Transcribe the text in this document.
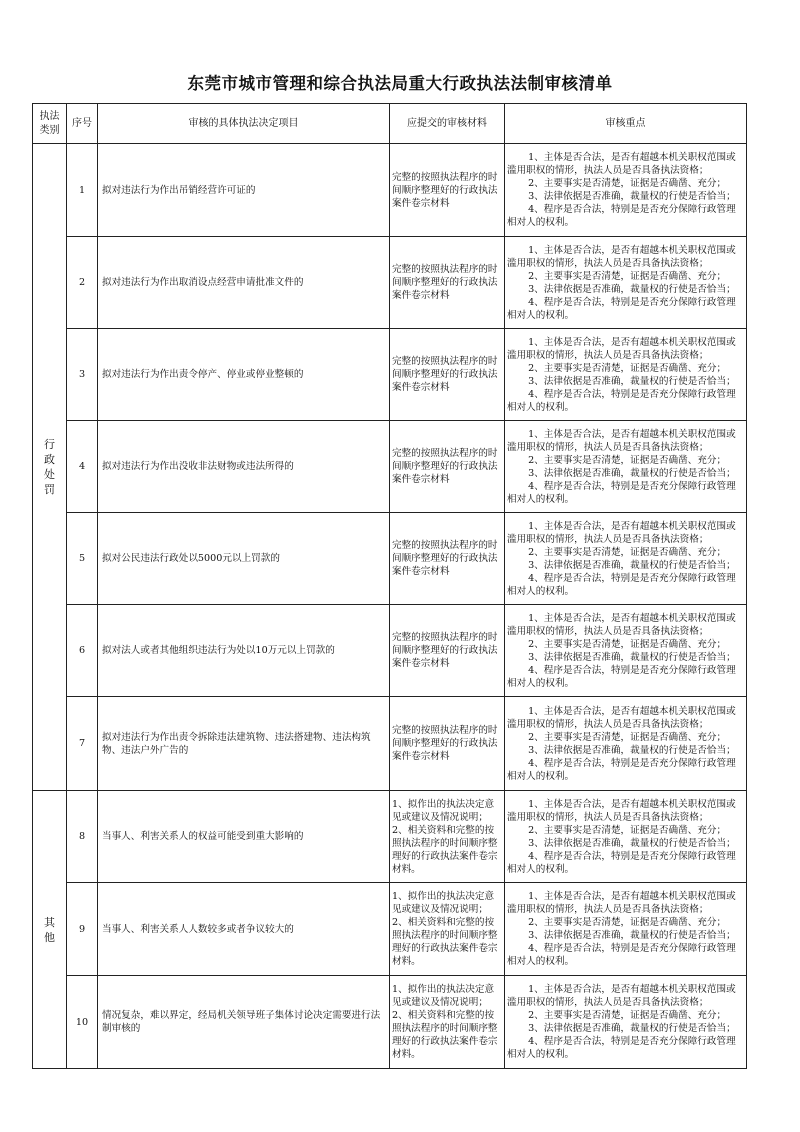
东莞市城市管理和综合执法局重大行政执法法制审核清单
执法类别	序号	审核的具体执法决定项目	应提交的审核材料	审核重点
行政处罚	1	拟对违法行为作出吊销经营许可证的	完整的按照执法程序的时间顺序整理好的行政执法案件卷宗材料	1、主体是否合法，是否有超越本机关职权范围或滥用职权的情形，执法人员是否具备执法资格；
2、主要事实是否清楚，证据是否确凿、充分；
3、法律依据是否准确，裁量权的行使是否恰当；
4、程序是否合法，特别是是否充分保障行政管理相对人的权利。

	2	拟对违法行为作出取消设点经营申请批准文件的	完整的按照执法程序的时间顺序整理好的行政执法案件卷宗材料	1、主体是否合法，是否有超越本机关职权范围或滥用职权的情形，执法人员是否具备执法资格；
2、主要事实是否清楚，证据是否确凿、充分；
3、法律依据是否准确，裁量权的行使是否恰当；
4、程序是否合法，特别是是否充分保障行政管理相对人的权利。

	3	拟对违法行为作出责令停产、停业或停业整顿的	完整的按照执法程序的时间顺序整理好的行政执法案件卷宗材料	1、主体是否合法，是否有超越本机关职权范围或滥用职权的情形，执法人员是否具备执法资格；
2、主要事实是否清楚，证据是否确凿、充分；
3、法律依据是否准确，裁量权的行使是否恰当；
4、程序是否合法，特别是是否充分保障行政管理相对人的权利。

	4	拟对违法行为作出没收非法财物或违法所得的	完整的按照执法程序的时间顺序整理好的行政执法案件卷宗材料	1、主体是否合法，是否有超越本机关职权范围或滥用职权的情形，执法人员是否具备执法资格；
2、主要事实是否清楚，证据是否确凿、充分；
3、法律依据是否准确，裁量权的行使是否恰当；
4、程序是否合法，特别是是否充分保障行政管理相对人的权利。

	5	拟对公民违法行政处以5000元以上罚款的	完整的按照执法程序的时间顺序整理好的行政执法案件卷宗材料	1、主体是否合法，是否有超越本机关职权范围或滥用职权的情形，执法人员是否具备执法资格；
2、主要事实是否清楚，证据是否确凿、充分；
3、法律依据是否准确，裁量权的行使是否恰当；
4、程序是否合法，特别是是否充分保障行政管理相对人的权利。

	6	拟对法人或者其他组织违法行为处以10万元以上罚款的	完整的按照执法程序的时间顺序整理好的行政执法案件卷宗材料	1、主体是否合法，是否有超越本机关职权范围或滥用职权的情形，执法人员是否具备执法资格；
2、主要事实是否清楚，证据是否确凿、充分；
3、法律依据是否准确，裁量权的行使是否恰当；
4、程序是否合法，特别是是否充分保障行政管理相对人的权利。

	7	拟对违法行为作出责令拆除违法建筑物、违法搭建物、违法构筑物、违法户外广告的	完整的按照执法程序的时间顺序整理好的行政执法案件卷宗材料	1、主体是否合法，是否有超越本机关职权范围或滥用职权的情形，执法人员是否具备执法资格；
2、主要事实是否清楚，证据是否确凿、充分；
3、法律依据是否准确，裁量权的行使是否恰当；
4、程序是否合法，特别是是否充分保障行政管理相对人的权利。

其他	8	当事人、利害关系人的权益可能受到重大影响的	1、拟作出的执法决定意见或建议及情况说明；2、相关资料和完整的按照执法程序的时间顺序整理好的行政执法案件卷宗材料。	1、主体是否合法，是否有超越本机关职权范围或滥用职权的情形，执法人员是否具备执法资格；
2、主要事实是否清楚，证据是否确凿、充分；
3、法律依据是否准确，裁量权的行使是否恰当；
4、程序是否合法，特别是是否充分保障行政管理相对人的权利。

	9	当事人、利害关系人人数较多或者争议较大的	1、拟作出的执法决定意见或建议及情况说明；2、相关资料和完整的按照执法程序的时间顺序整理好的行政执法案件卷宗材料。	1、主体是否合法，是否有超越本机关职权范围或滥用职权的情形，执法人员是否具备执法资格；
2、主要事实是否清楚，证据是否确凿、充分；
3、法律依据是否准确，裁量权的行使是否恰当；
4、程序是否合法，特别是是否充分保障行政管理相对人的权利。

	10	情况复杂，难以界定，经局机关领导班子集体讨论决定需要进行法制审核的	1、拟作出的执法决定意见或建议及情况说明；2、相关资料和完整的按照执法程序的时间顺序整理好的行政执法案件卷宗材料。	1、主体是否合法，是否有超越本机关职权范围或滥用职权的情形，执法人员是否具备执法资格；
2、主要事实是否清楚，证据是否确凿、充分；
3、法律依据是否准确，裁量权的行使是否恰当；
4、程序是否合法，特别是是否充分保障行政管理相对人的权利。
